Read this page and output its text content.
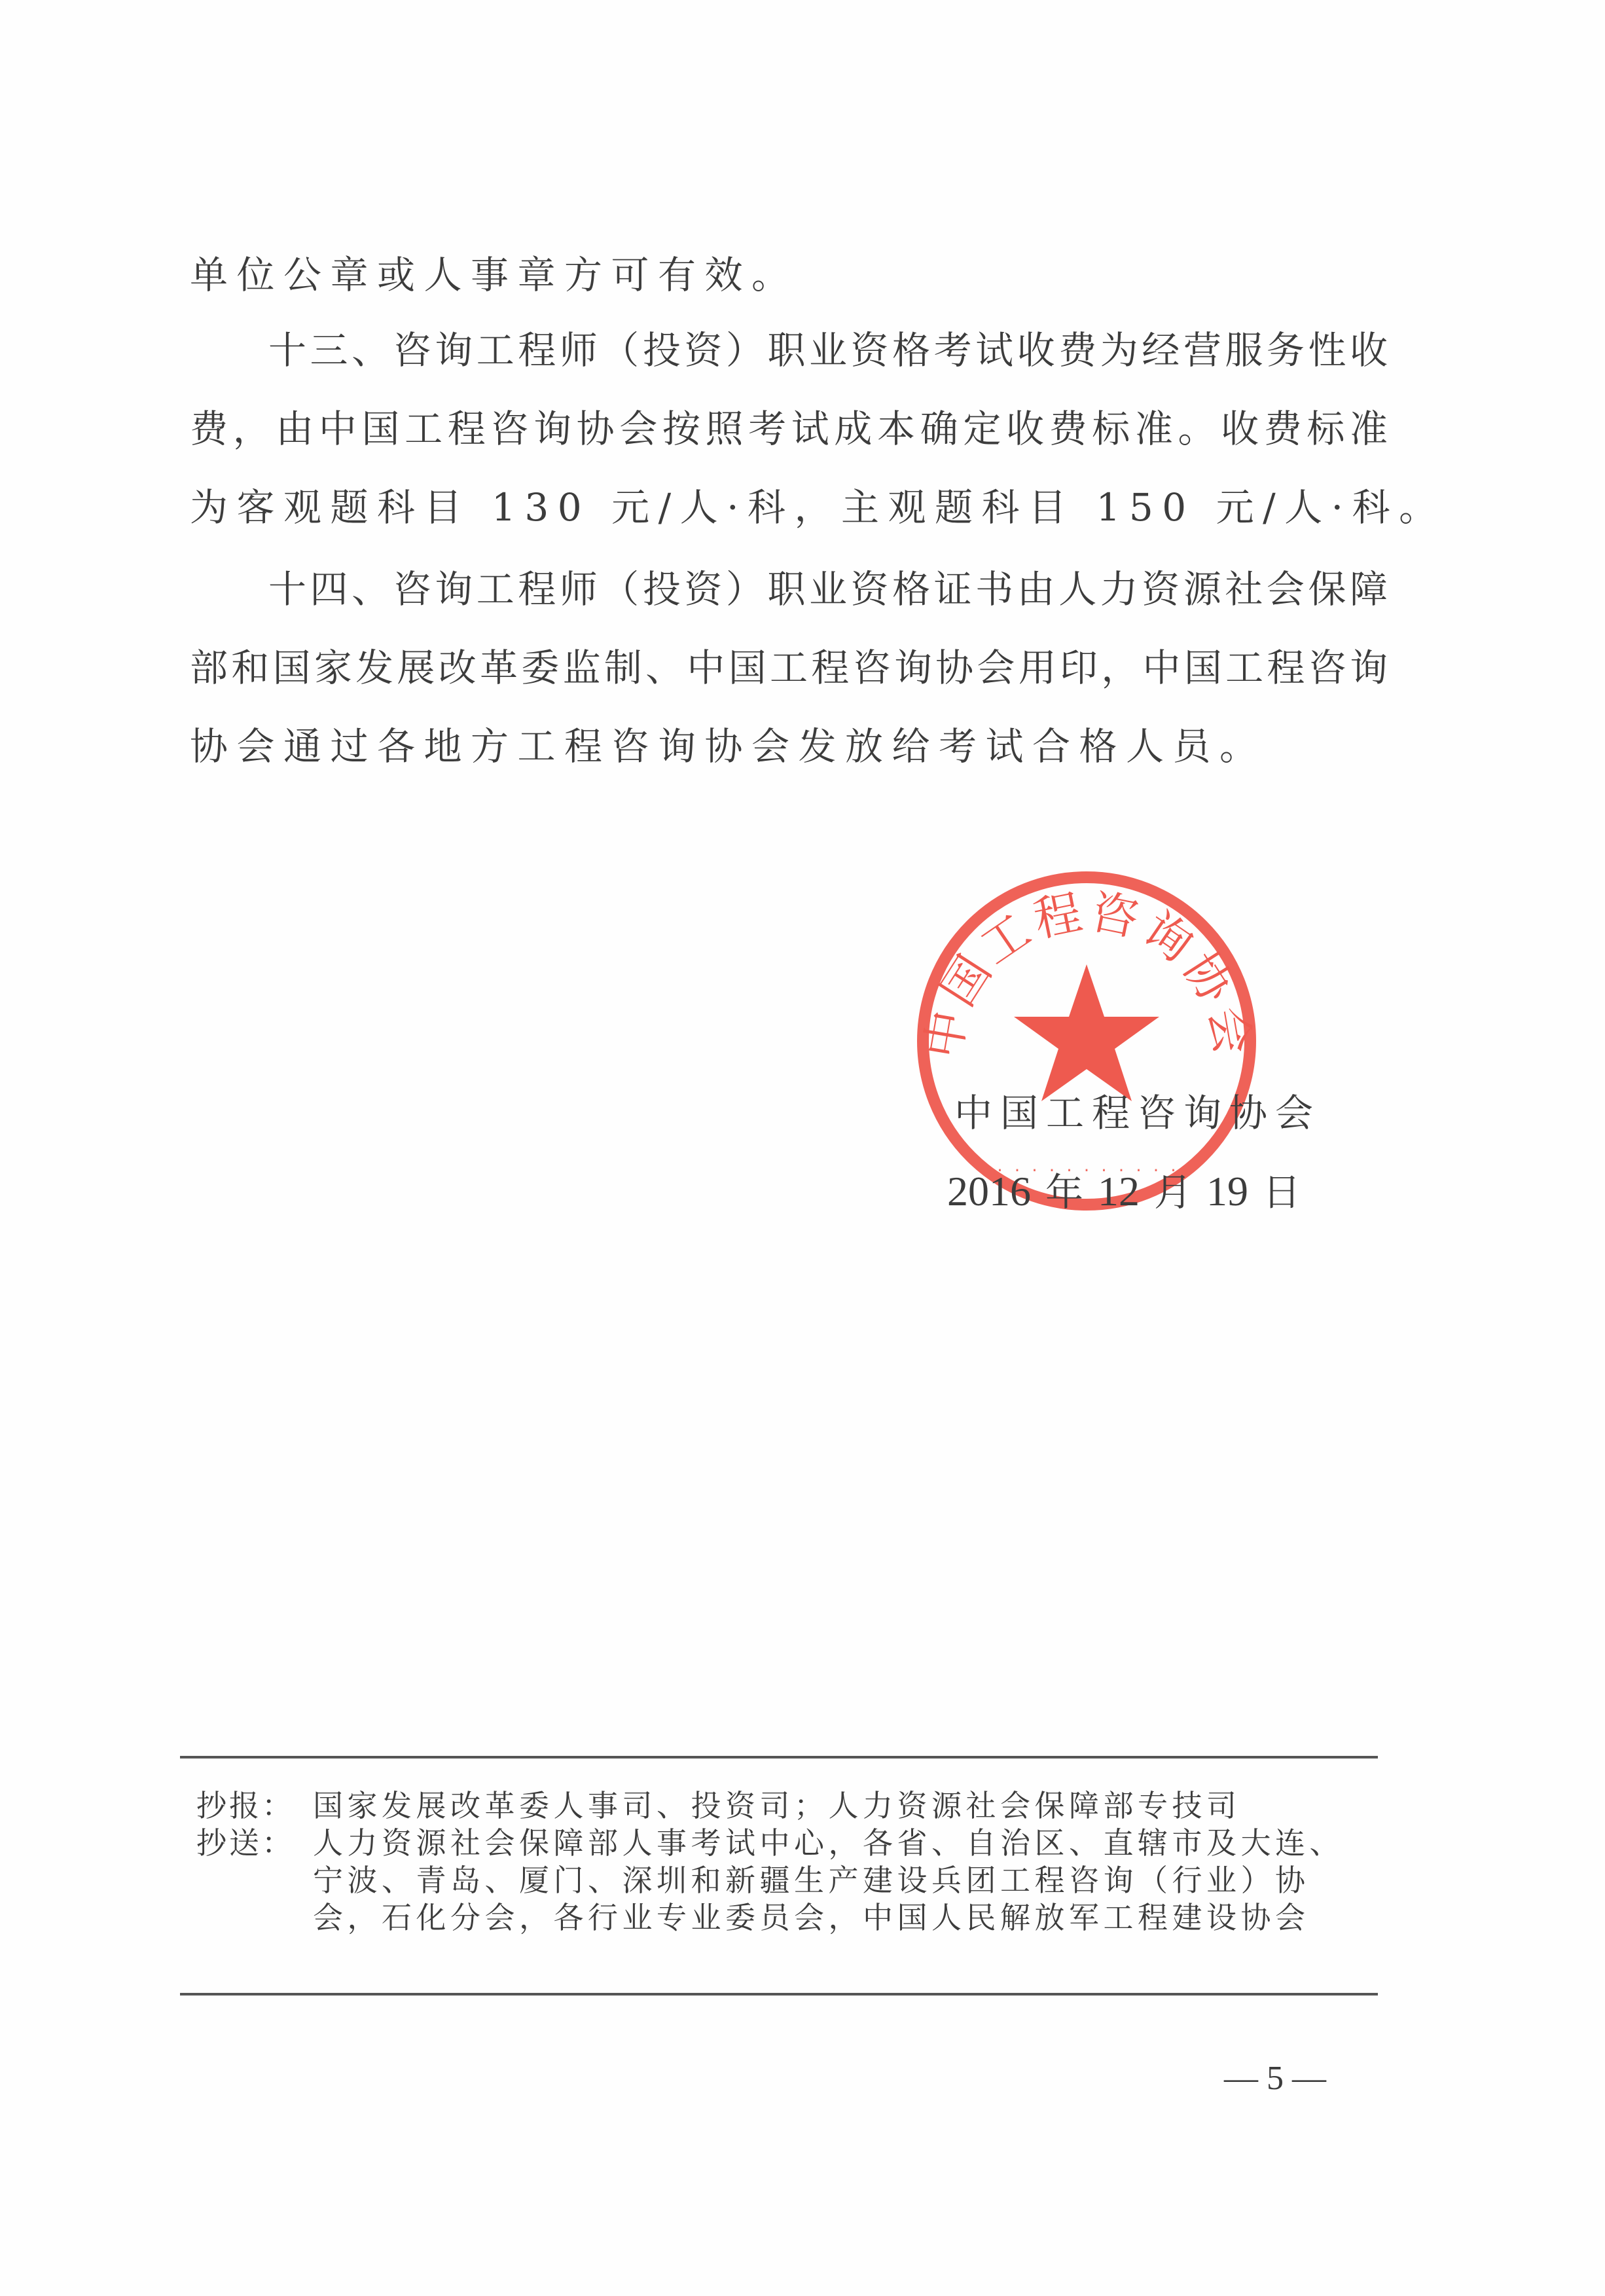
单位公章或人事章方可有效。
十三、咨询工程师（投资）职业资格考试收费为经营服务性收
费，由中国工程咨询协会按照考试成本确定收费标准。收费标准
为客观题科目 130 元/人·科，主观题科目 150 元/人·科。
十四、咨询工程师（投资）职业资格证书由人力资源社会保障
部和国家发展改革委监制、中国工程咨询协会用印，中国工程咨询
协会通过各地方工程咨询协会发放给考试合格人员。
中国工程咨询协会
· · · · · · · · · · ·
中国工程咨询协会
2016 年 12 月 19 日
抄报： 国家发展改革委人事司、投资司；人力资源社会保障部专技司
抄送： 人力资源社会保障部人事考试中心，各省、自治区、直辖市及大连、
宁波、青岛、厦门、深圳和新疆生产建设兵团工程咨询（行业）协
会，石化分会，各行业专业委员会，中国人民解放军工程建设协会
— 5 —
